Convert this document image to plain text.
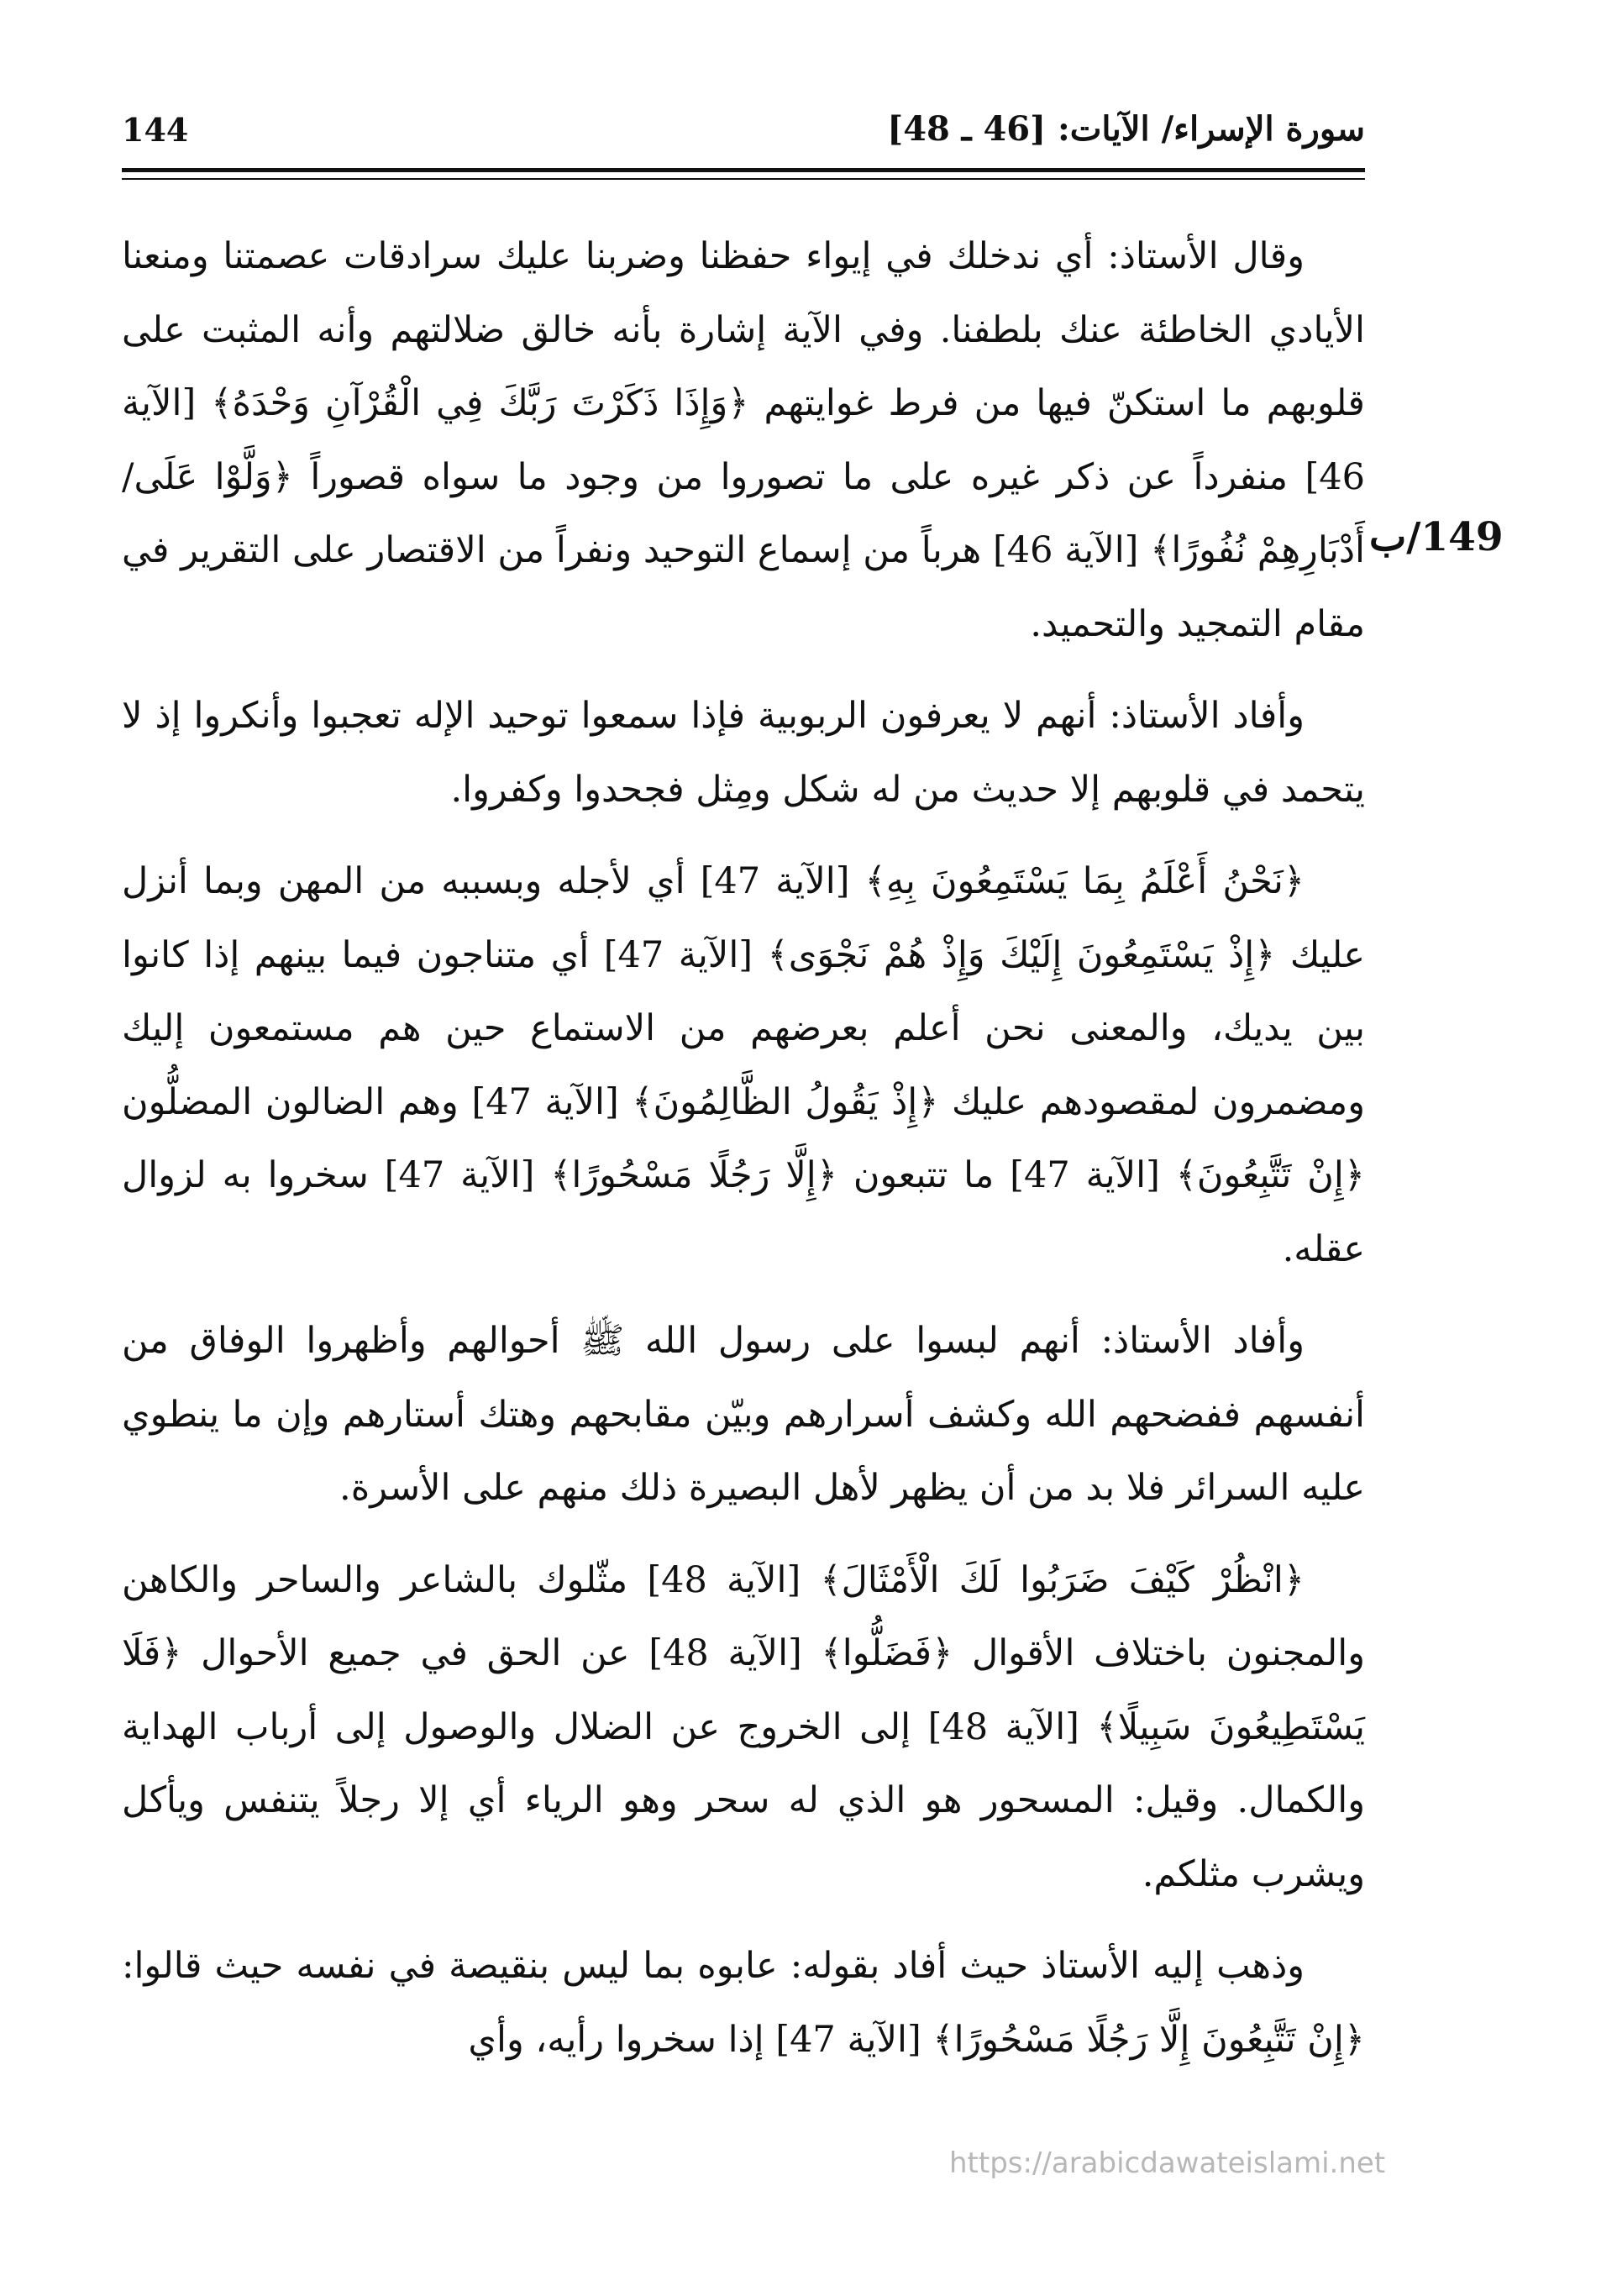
144	سورة الإسراء/ الآيات: [46 ـ 48]
149/ب

وقال الأستاذ: أي ندخلك في إيواء حفظنا وضربنا عليك سرادقات عصمتنا ومنعنا الأيادي الخاطئة عنك بلطفنا. وفي الآية إشارة بأنه خالق ضلالتهم وأنه المثبت على قلوبهم ما استكنّ فيها من فرط غوايتهم ﴿وَإِذَا ذَكَرْتَ رَبَّكَ فِي الْقُرْآنِ وَحْدَهُ﴾ [الآية 46] منفرداً عن ذكر غيره على ما تصوروا من وجود ما سواه قصوراً ﴿وَلَّوْا عَلَى/ أَدْبَارِهِمْ نُفُورًا﴾ [الآية 46] هرباً من إسماع التوحيد ونفراً من الاقتصار على التقرير في مقام التمجيد والتحميد.

وأفاد الأستاذ: أنهم لا يعرفون الربوبية فإذا سمعوا توحيد الإله تعجبوا وأنكروا إذ لا يتحمد في قلوبهم إلا حديث من له شكل ومِثل فجحدوا وكفروا.

﴿نَحْنُ أَعْلَمُ بِمَا يَسْتَمِعُونَ بِهِ﴾ [الآية 47] أي لأجله وبسببه من المهن وبما أنزل عليك ﴿إِذْ يَسْتَمِعُونَ إِلَيْكَ وَإِذْ هُمْ نَجْوَى﴾ [الآية 47] أي متناجون فيما بينهم إذا كانوا بين يديك، والمعنى نحن أعلم بعرضهم من الاستماع حين هم مستمعون إليك ومضمرون لمقصودهم عليك ﴿إِذْ يَقُولُ الظَّالِمُونَ﴾ [الآية 47] وهم الضالون المضلُّون ﴿إِنْ تَتَّبِعُونَ﴾ [الآية 47] ما تتبعون ﴿إِلَّا رَجُلًا مَسْحُورًا﴾ [الآية 47] سخروا به لزوال عقله.

وأفاد الأستاذ: أنهم لبسوا على رسول الله ﷺ أحوالهم وأظهروا الوفاق من أنفسهم ففضحهم الله وكشف أسرارهم وبيّن مقابحهم وهتك أستارهم وإن ما ينطوي عليه السرائر فلا بد من أن يظهر لأهل البصيرة ذلك منهم على الأسرة.

﴿انْظُرْ كَيْفَ ضَرَبُوا لَكَ الْأَمْثَالَ﴾ [الآية 48] مثّلوك بالشاعر والساحر والكاهن والمجنون باختلاف الأقوال ﴿فَضَلُّوا﴾ [الآية 48] عن الحق في جميع الأحوال ﴿فَلَا يَسْتَطِيعُونَ سَبِيلًا﴾ [الآية 48] إلى الخروج عن الضلال والوصول إلى أرباب الهداية والكمال. وقيل: المسحور هو الذي له سحر وهو الرياء أي إلا رجلاً يتنفس ويأكل ويشرب مثلكم.

وذهب إليه الأستاذ حيث أفاد بقوله: عابوه بما ليس بنقيصة في نفسه حيث قالوا: ﴿إِنْ تَتَّبِعُونَ إِلَّا رَجُلًا مَسْحُورًا﴾ [الآية 47] إذا سخروا رأيه، وأي

https://arabicdawateislami.net
